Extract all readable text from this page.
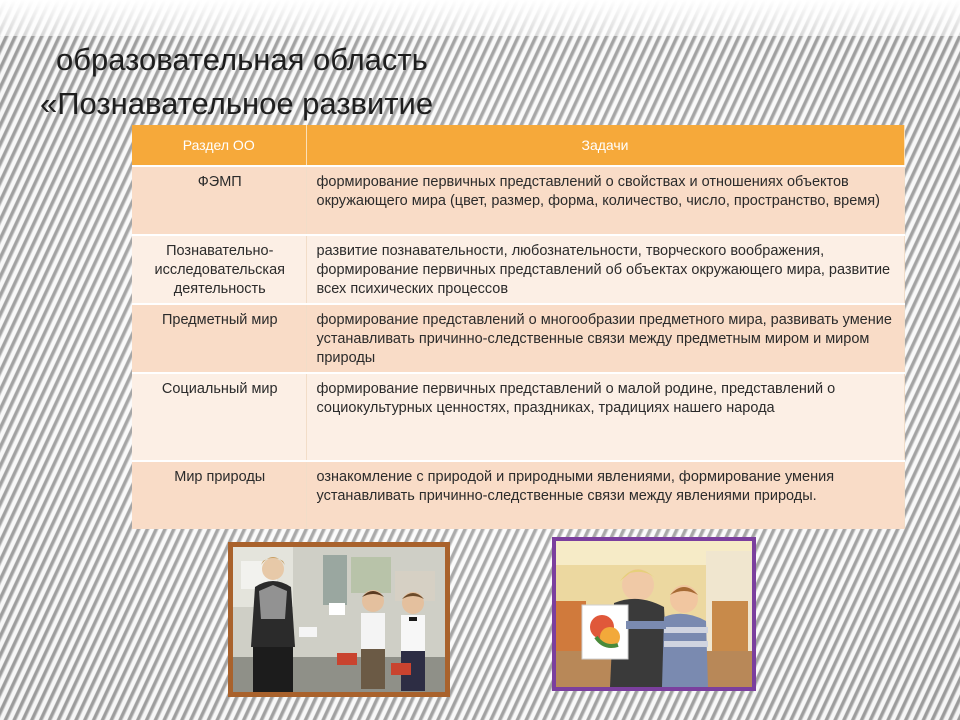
образовательная область
«Познавательное развитие
Раздел ОО	Задачи
ФЭМП	формирование первичных представлений о свойствах и отношениях объектов окружающего мира (цвет, размер, форма, количество, число, пространство, время)
Познавательно-исследовательская деятельность	развитие познавательности, любознательности, творческого воображения, формирование первичных представлений об объектах окружающего мира, развитие всех психических процессов
Предметный мир	формирование представлений о многообразии предметного мира, развивать умение устанавливать причинно-следственные связи между предметным миром и миром природы
Социальный мир	формирование первичных представлений о малой родине, представлений о социокультурных ценностях, праздниках, традициях нашего народа
Мир природы	ознакомление с природой и природными явлениями, формирование умения устанавливать причинно-следственные связи между явлениями природы.
